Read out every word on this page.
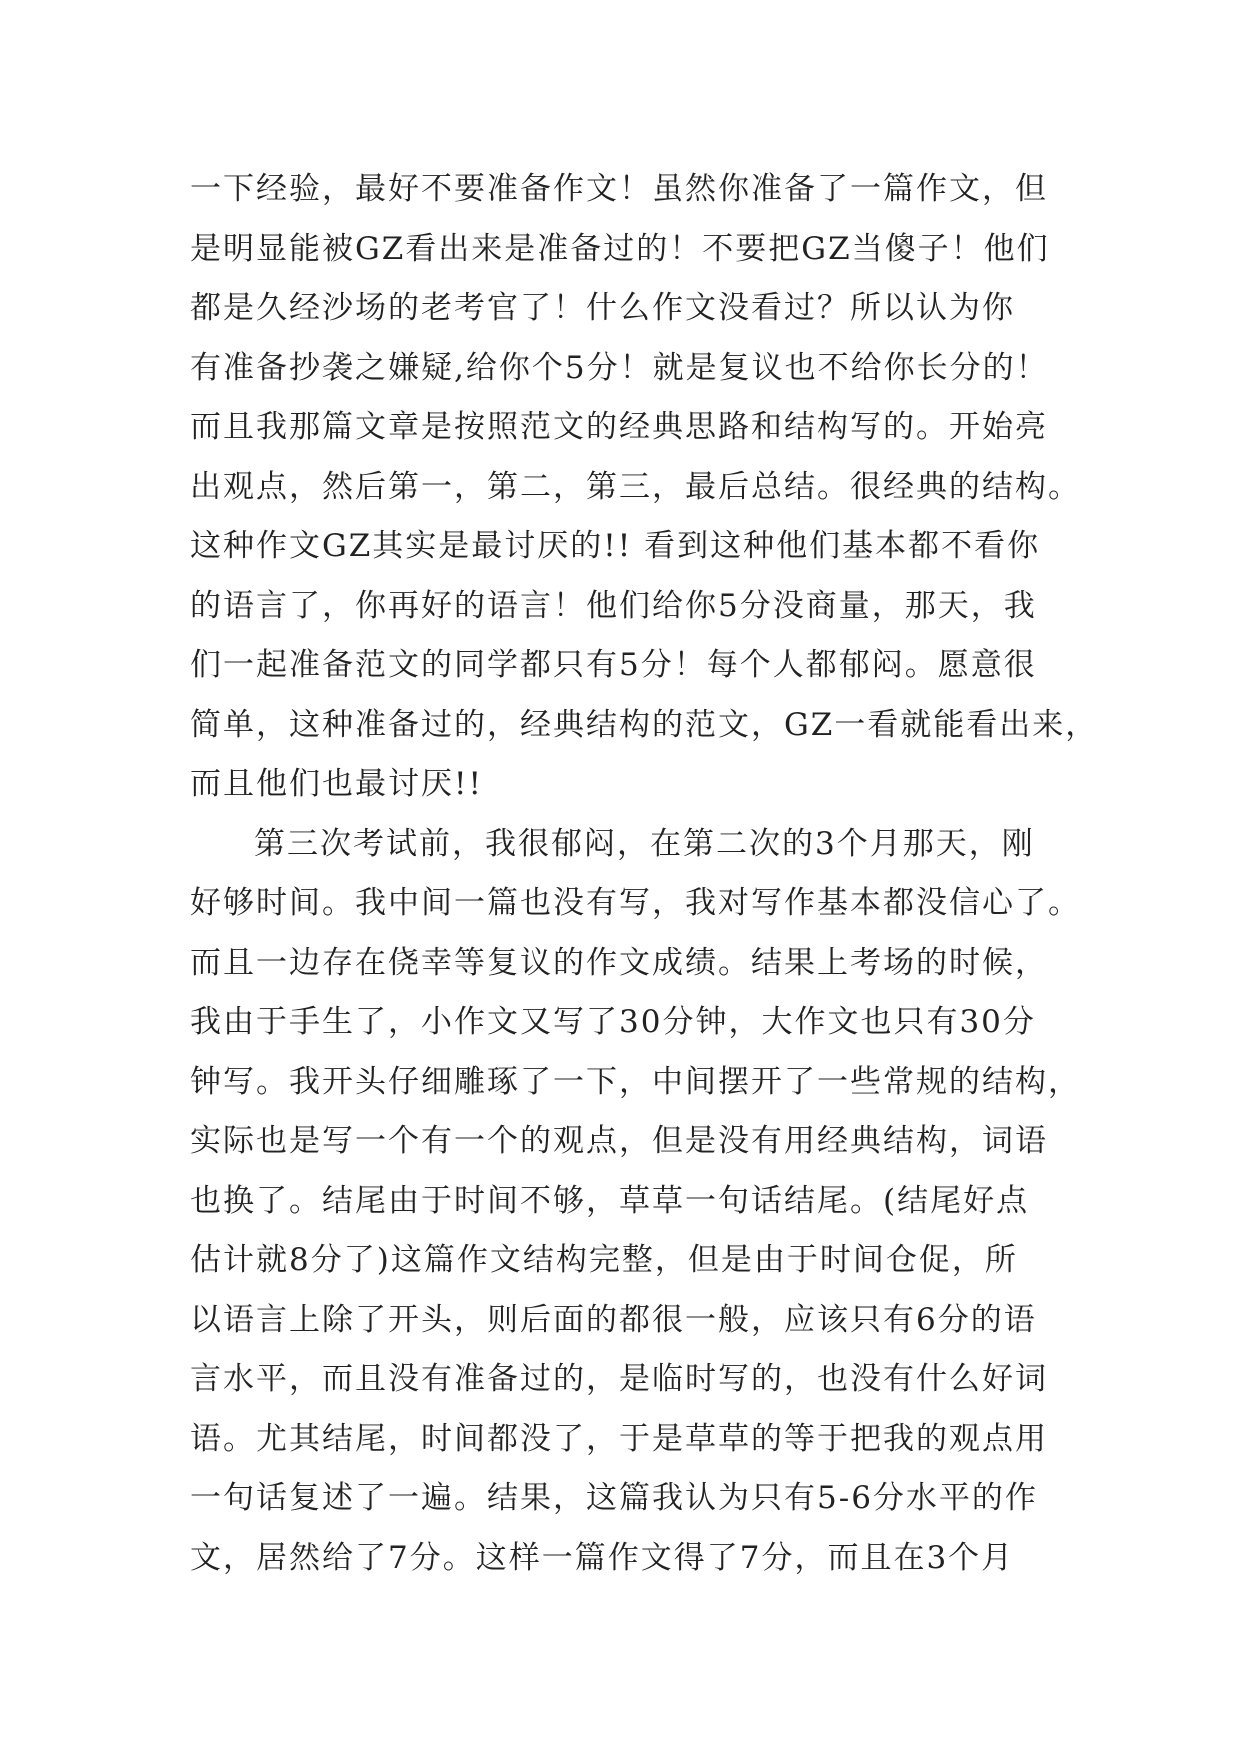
一下经验，最好不要准备作文！虽然你准备了一篇作文，但
是明显能被GZ看出来是准备过的！不要把GZ当傻子！他们
都是久经沙场的老考官了！什么作文没看过？所以认为你
有准备抄袭之嫌疑,给你个5分！就是复议也不给你长分的！
而且我那篇文章是按照范文的经典思路和结构写的。开始亮
出观点，然后第一，第二，第三，最后总结。很经典的结构。
这种作文GZ其实是最讨厌的!! 看到这种他们基本都不看你
的语言了，你再好的语言！他们给你5分没商量，那天，我
们一起准备范文的同学都只有5分！每个人都郁闷。愿意很
简单，这种准备过的，经典结构的范文，GZ一看就能看出来，
而且他们也最讨厌!!
第三次考试前，我很郁闷，在第二次的3个月那天，刚
好够时间。我中间一篇也没有写，我对写作基本都没信心了。
而且一边存在侥幸等复议的作文成绩。结果上考场的时候，
我由于手生了，小作文又写了30分钟，大作文也只有30分
钟写。我开头仔细雕琢了一下，中间摆开了一些常规的结构，
实际也是写一个有一个的观点，但是没有用经典结构，词语
也换了。结尾由于时间不够，草草一句话结尾。(结尾好点
估计就8分了)这篇作文结构完整，但是由于时间仓促，所
以语言上除了开头，则后面的都很一般，应该只有6分的语
言水平，而且没有准备过的，是临时写的，也没有什么好词
语。尤其结尾，时间都没了，于是草草的等于把我的观点用
一句话复述了一遍。结果，这篇我认为只有5-6分水平的作
文，居然给了7分。这样一篇作文得了7分，而且在3个月
